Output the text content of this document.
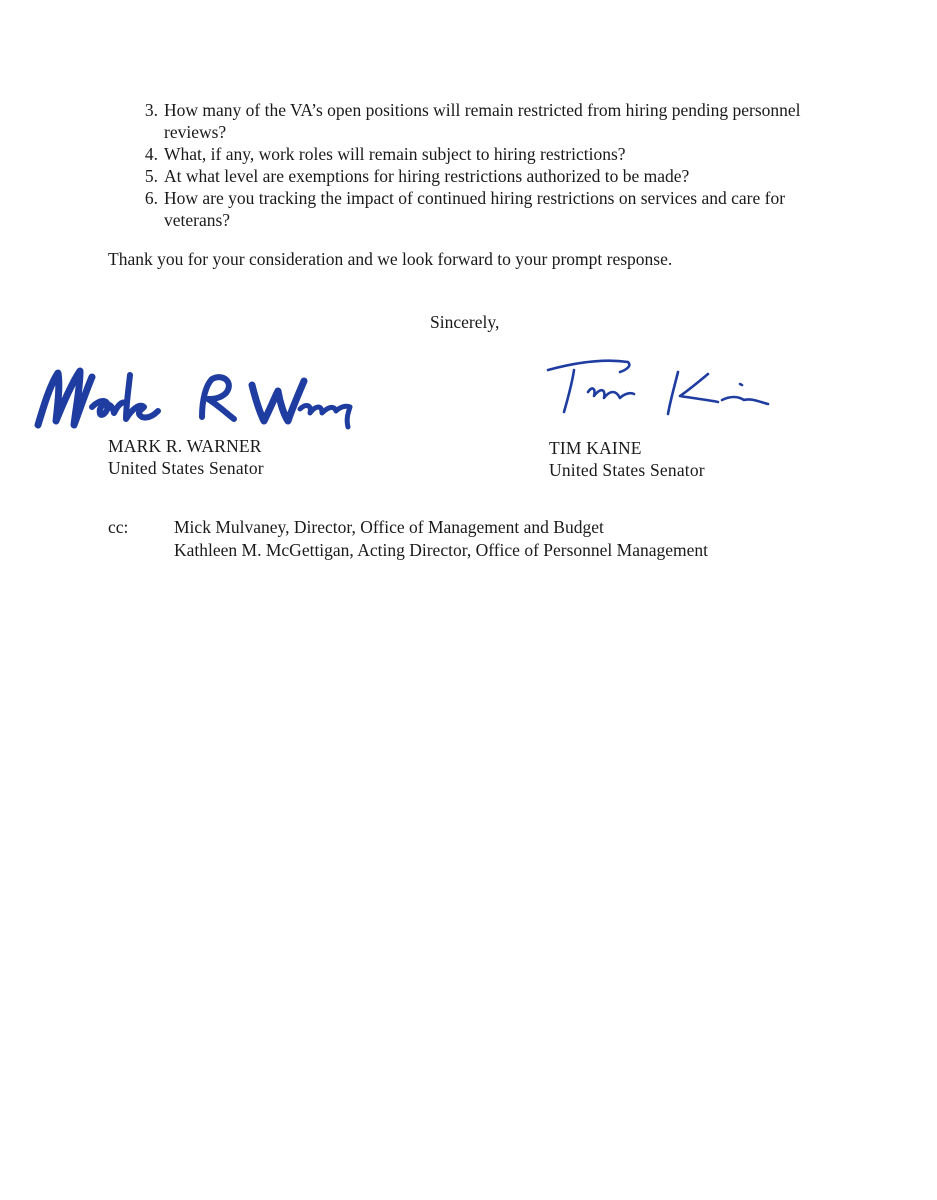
3. How many of the VA’s open positions will remain restricted from hiring pending personnel reviews?
4. What, if any, work roles will remain subject to hiring restrictions?
5. At what level are exemptions for hiring restrictions authorized to be made?
6. How are you tracking the impact of continued hiring restrictions on services and care for veterans?
Thank you for your consideration and we look forward to your prompt response.
Sincerely,
MARK R. WARNER
United States Senator
TIM KAINE
United States Senator
cc:	Mick Mulvaney, Director, Office of Management and Budget
Kathleen M. McGettigan, Acting Director, Office of Personnel Management
